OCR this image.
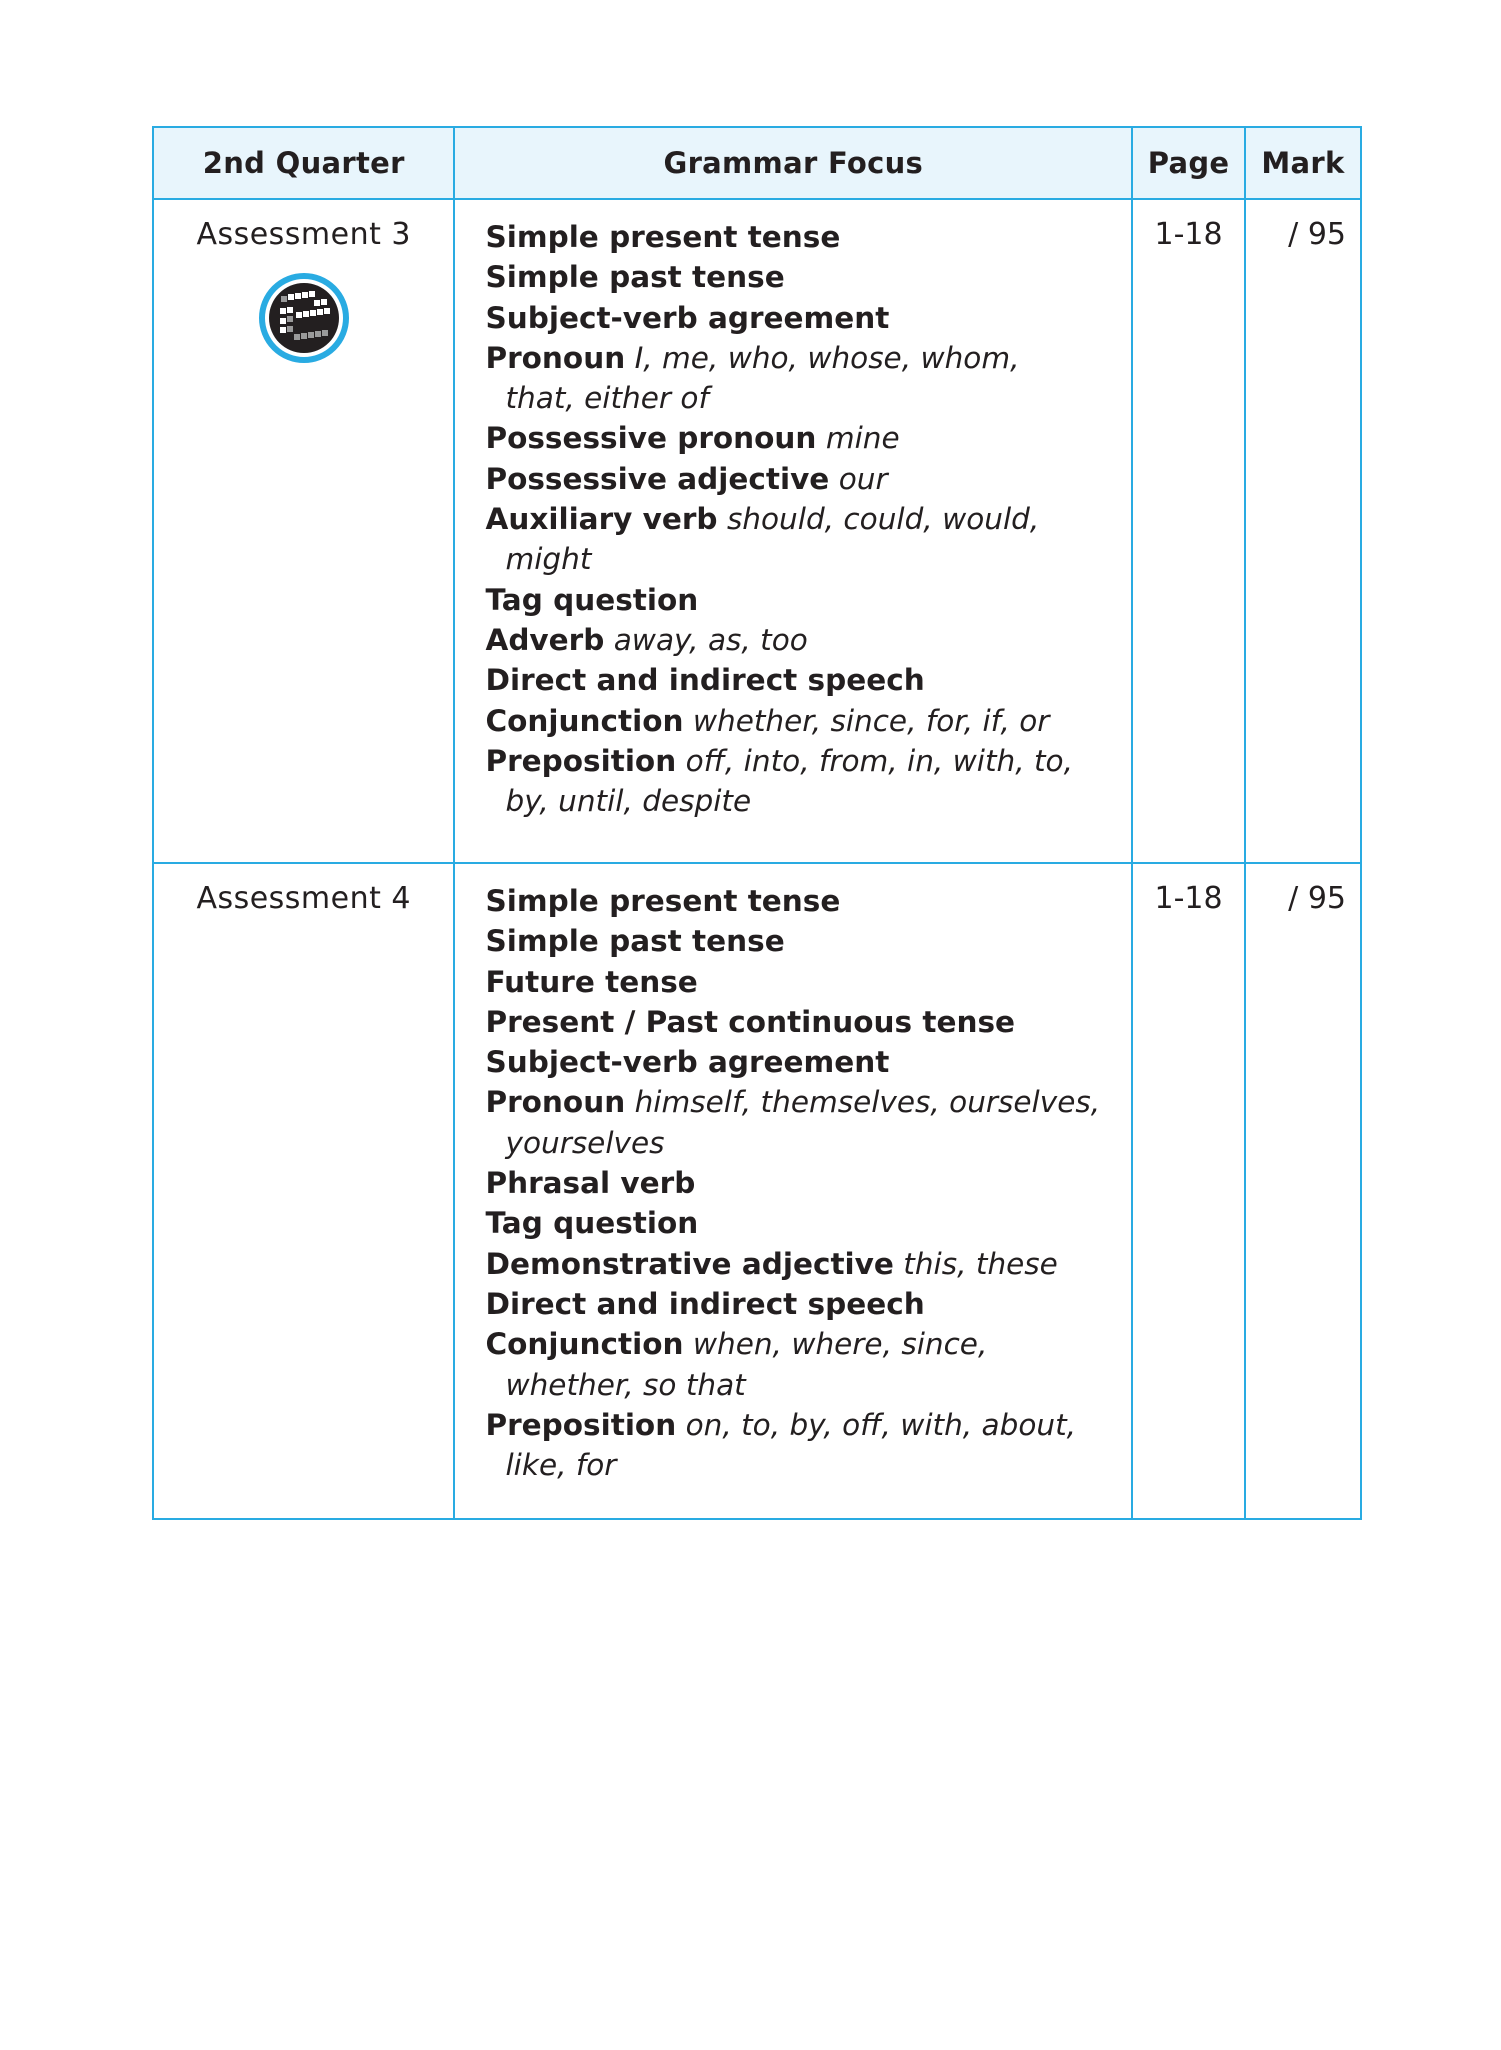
2nd Quarter	Grammar Focus	Page	Mark

Assessment 3	Simple present tense
Simple past tense
Subject-verb agreement
Pronoun I, me, who, whose, whom,
that, either of
Possessive pronoun mine
Possessive adjective our
Auxiliary verb should, could, would,
might
Tag question
Adverb away, as, too
Direct and indirect speech
Conjunction whether, since, for, if, or
Preposition off, into, from, in, with, to,
by, until, despite
	1-18	/ 95

Assessment 4	Simple present tense
Simple past tense
Future tense
Present / Past continuous tense
Subject-verb agreement
Pronoun himself, themselves, ourselves,
yourselves
Phrasal verb
Tag question
Demonstrative adjective this, these
Direct and indirect speech
Conjunction when, where, since,
whether, so that
Preposition on, to, by, off, with, about,
like, for
	1-18	/ 95
